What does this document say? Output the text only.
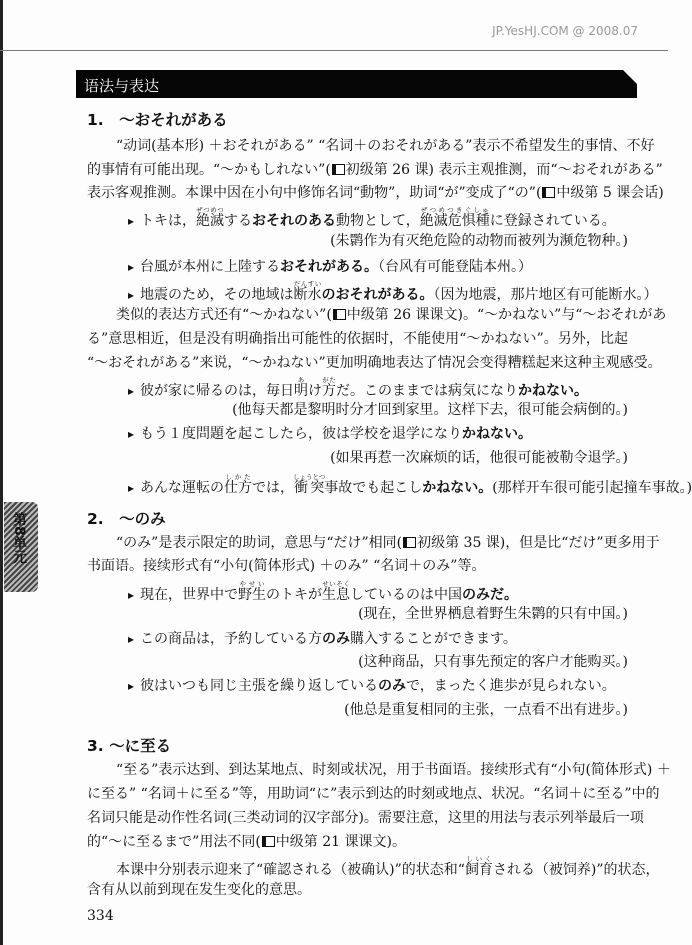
JP.YesHJ.COM @ 2008.07
语法与表达
第8单元
1.　～おそれがある
“动词(基本形) ＋おそれがある” “名词＋のおそれがある”表示不希望发生的事情、不好
的事情有可能出现。“～かもしれない”( 初级第 26 课) 表示主观推测，而“～おそれがある”
表示客观推测。本课中因在小句中修饰名词“動物”，助词“が”变成了“の”( 中级第 5 课会话)
▸ トキは，絶滅ぜつめつするおそれのある動物として，絶滅危惧種ぜつめつきぐしゅに登録されている。
(朱鹮作为有灭绝危险的动物而被列为濒危物种。)
▸ 台風が本州に上陸するおそれがある。（台风有可能登陆本州。）
▸ 地震のため，その地域は断水だんすいのおそれがある。（因为地震，那片地区有可能断水。）
类似的表达方式还有“～かねない”( 中级第 26 课课文)。“～かねない”与“～おそれがあ
る”意思相近，但是没有明确指出可能性的依据时，不能使用“～かねない”。另外，比起
“～おそれがある”来说，“～かねない”更加明确地表达了情况会变得糟糕起来这种主观感受。
▸ 彼が家に帰るのは，毎日明あけ方がただ。このままでは病気になりかねない。
(他每天都是黎明时分才回到家里。这样下去，很可能会病倒的。)
▸ もう１度問題を起こしたら，彼は学校を退学になりかねない。
(如果再惹一次麻烦的话，他很可能被勒令退学。)
▸ あんな運転の仕方しかたでは，衝突しょうとつ事故でも起こしかねない。(那样开车很可能引起撞车事故。)
2.　～のみ
“のみ”是表示限定的助词，意思与“だけ”相同( 初级第 35 课)，但是比“だけ”更多用于
书面语。接续形式有“小句(简体形式) ＋のみ” “名词＋のみ”等。
▸ 現在，世界中で野生やせいのトキが生息せいそくしているのは中国のみだ。
(现在，全世界栖息着野生朱鹮的只有中国。)
▸ この商品は，予約している方のみ購入することができます。
(这种商品，只有事先预定的客户才能购买。)
▸ 彼はいつも同じ主張を繰り返しているのみで，まったく進歩が見られない。
(他总是重复相同的主张，一点看不出有进步。)
3. ～に至る
“至る”表示达到、到达某地点、时刻或状况，用于书面语。接续形式有“小句(简体形式) ＋
に至る” “名词＋に至る”等，用助词“に”表示到达的时刻或地点、状况。“名词＋に至る”中的
名词只能是动作性名词(三类动词的汉字部分)。需要注意，这里的用法与表示列举最后一项
的“～に至るまで”用法不同( 中级第 21 课课文)。
本课中分别表示迎来了“確認される（被确认)”的状态和“飼育しいくされる（被饲养)”的状态，
含有从以前到现在发生变化的意思。
334
